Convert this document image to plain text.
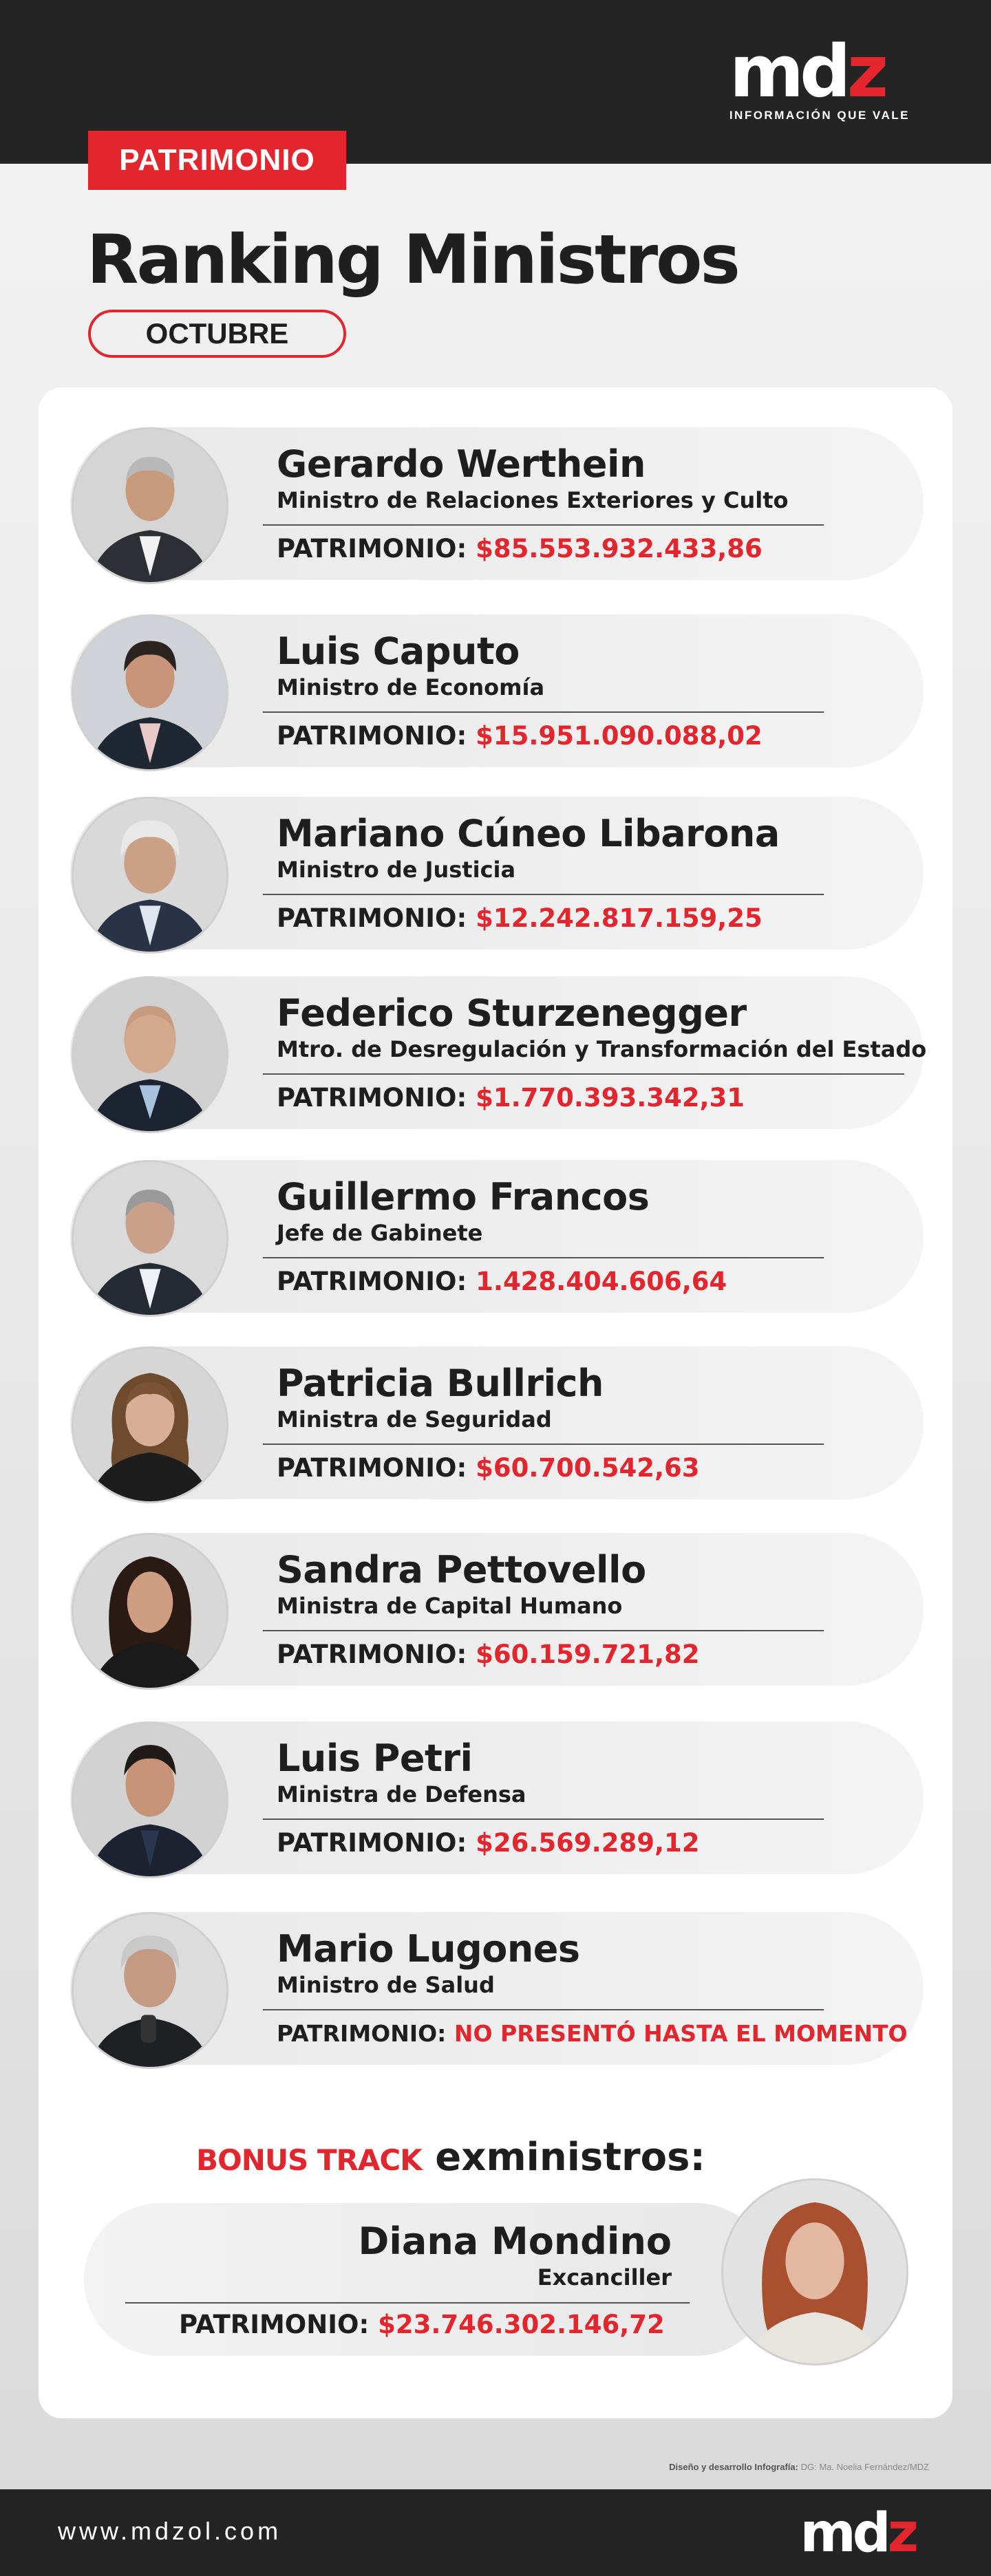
mdz
INFORMACIÓN QUE VALE
PATRIMONIO
Ranking Ministros
OCTUBRE
Gerardo Werthein
Ministro de Relaciones Exteriores y Culto
PATRIMONIO: $85.553.932.433,86
Luis Caputo
Ministro de Economía
PATRIMONIO: $15.951.090.088,02
Mariano Cúneo Libarona
Ministro de Justicia
PATRIMONIO: $12.242.817.159,25
Federico Sturzenegger
Mtro. de Desregulación y Transformación del Estado
PATRIMONIO: $1.770.393.342,31
Guillermo Francos
Jefe de Gabinete
PATRIMONIO: 1.428.404.606,64
Patricia Bullrich
Ministra de Seguridad
PATRIMONIO: $60.700.542,63
Sandra Pettovello
Ministra de Capital Humano
PATRIMONIO: $60.159.721,82
Luis Petri
Ministra de Defensa
PATRIMONIO: $26.569.289,12
Mario Lugones
Ministro de Salud
PATRIMONIO: NO PRESENTÓ HASTA EL MOMENTO
BONUS TRACK exministros:
Diana Mondino
Excanciller
PATRIMONIO: $23.746.302.146,72
Diseño y desarrollo Infografía: DG: Ma. Noelia Fernández/MDZ
www.mdzol.com	mdz
